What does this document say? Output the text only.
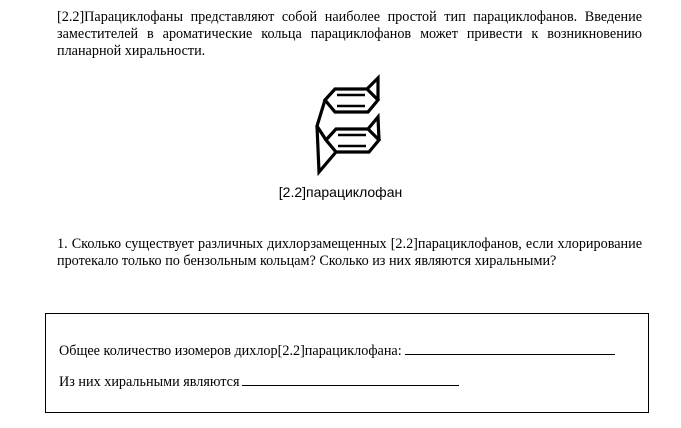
[2.2]Парациклофаны представляют собой наиболее простой тип парациклофанов. Введение заместителей в ароматические кольца парациклофанов может привести к возникновению планарной хиральности.

[2.2]парациклофан

1. Сколько существует различных дихлорзамещенных [2.2]парациклофанов, если хлорирование протекало только по бензольным кольцам? Сколько из них являются хиральными?

Общее количество изомеров дихлор[2.2]парациклофана:

Из них хиральными являются
